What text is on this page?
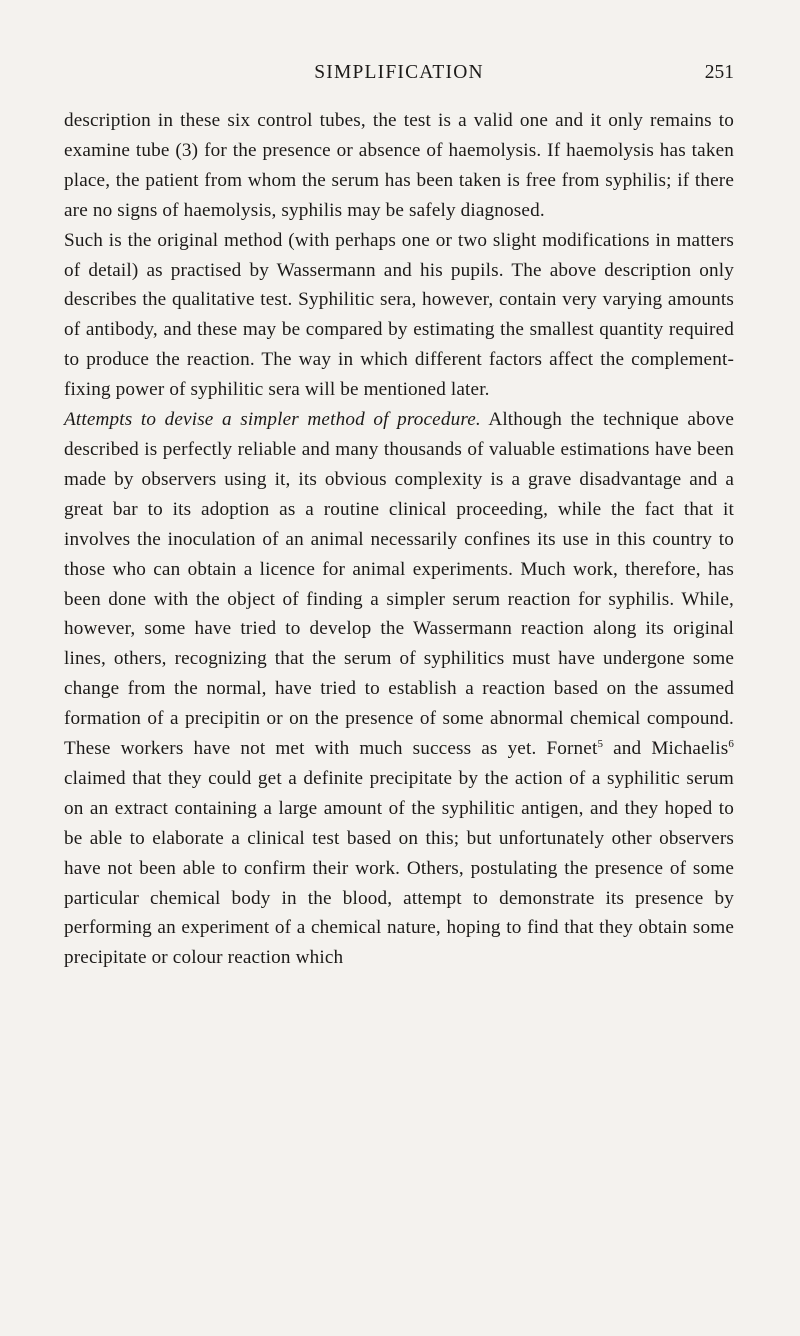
SIMPLIFICATION	251

description in these six control tubes, the test is a valid one and it only remains to examine tube (3) for the presence or absence of haemolysis. If haemolysis has taken place, the patient from whom the serum has been taken is free from syphilis; if there are no signs of haemolysis, syphilis may be safely diagnosed.

Such is the original method (with perhaps one or two slight modifications in matters of detail) as practised by Wassermann and his pupils. The above description only describes the qualitative test. Syphilitic sera, however, contain very varying amounts of antibody, and these may be compared by estimating the smallest quantity required to produce the reaction. The way in which different factors affect the complement-fixing power of syphilitic sera will be mentioned later.

Attempts to devise a simpler method of procedure. Although the technique above described is perfectly reliable and many thousands of valuable estimations have been made by observers using it, its obvious complexity is a grave disadvantage and a great bar to its adoption as a routine clinical proceeding, while the fact that it involves the inoculation of an animal necessarily confines its use in this country to those who can obtain a licence for animal experiments. Much work, therefore, has been done with the object of finding a simpler serum reaction for syphilis. While, however, some have tried to develop the Wassermann reaction along its original lines, others, recognizing that the serum of syphilitics must have undergone some change from the normal, have tried to establish a reaction based on the assumed formation of a precipitin or on the presence of some abnormal chemical compound. These workers have not met with much success as yet. Fornet$^5$ and Michaelis$^6$ claimed that they could get a definite precipitate by the action of a syphilitic serum on an extract containing a large amount of the syphilitic antigen, and they hoped to be able to elaborate a clinical test based on this; but unfortunately other observers have not been able to confirm their work. Others, postulating the presence of some particular chemical body in the blood, attempt to demonstrate its presence by performing an experiment of a chemical nature, hoping to find that they obtain some precipitate or colour reaction which
